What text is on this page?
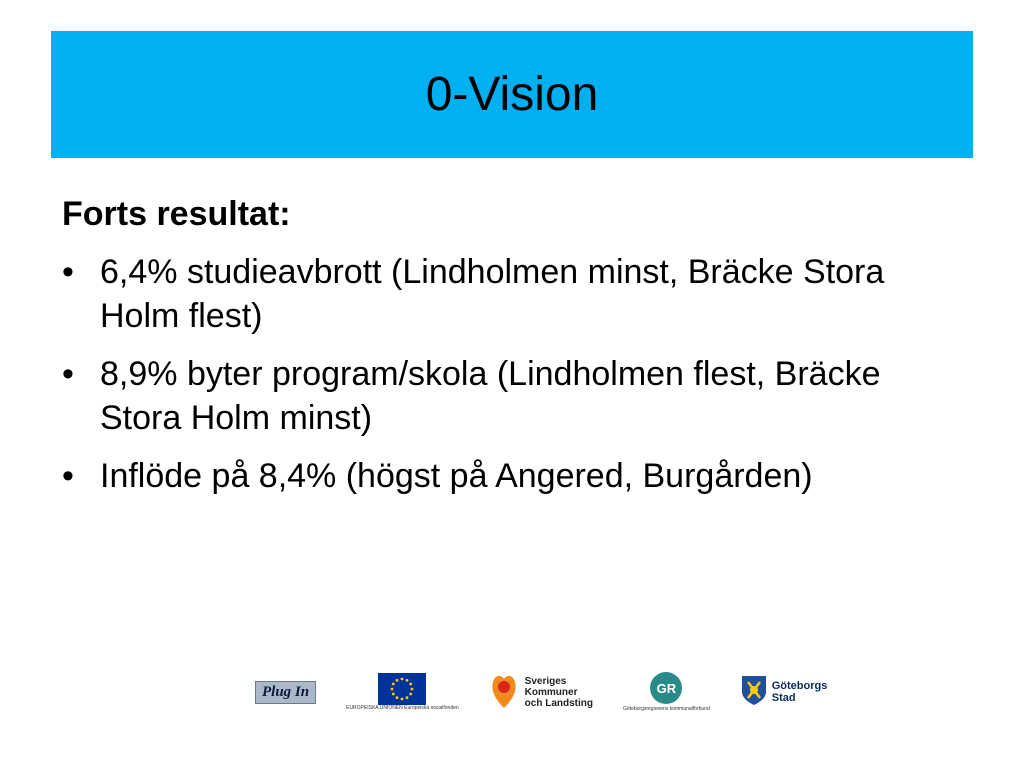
0-Vision

Forts resultat:

• 6,4% studieavbrott (Lindholmen minst, Bräcke Stora Holm flest)
• 8,9% byter program/skola (Lindholmen flest, Bräcke Stora Holm minst)
• Inflöde på 8,4% (högst på Angered, Burgården)
Plug In
EUROPEISKA UNIONEN Europeiska socialfonden
Sveriges
Kommuner
och Landsting
GR
Göteborgsregionens kommunalförbund
Göteborgs
Stad
